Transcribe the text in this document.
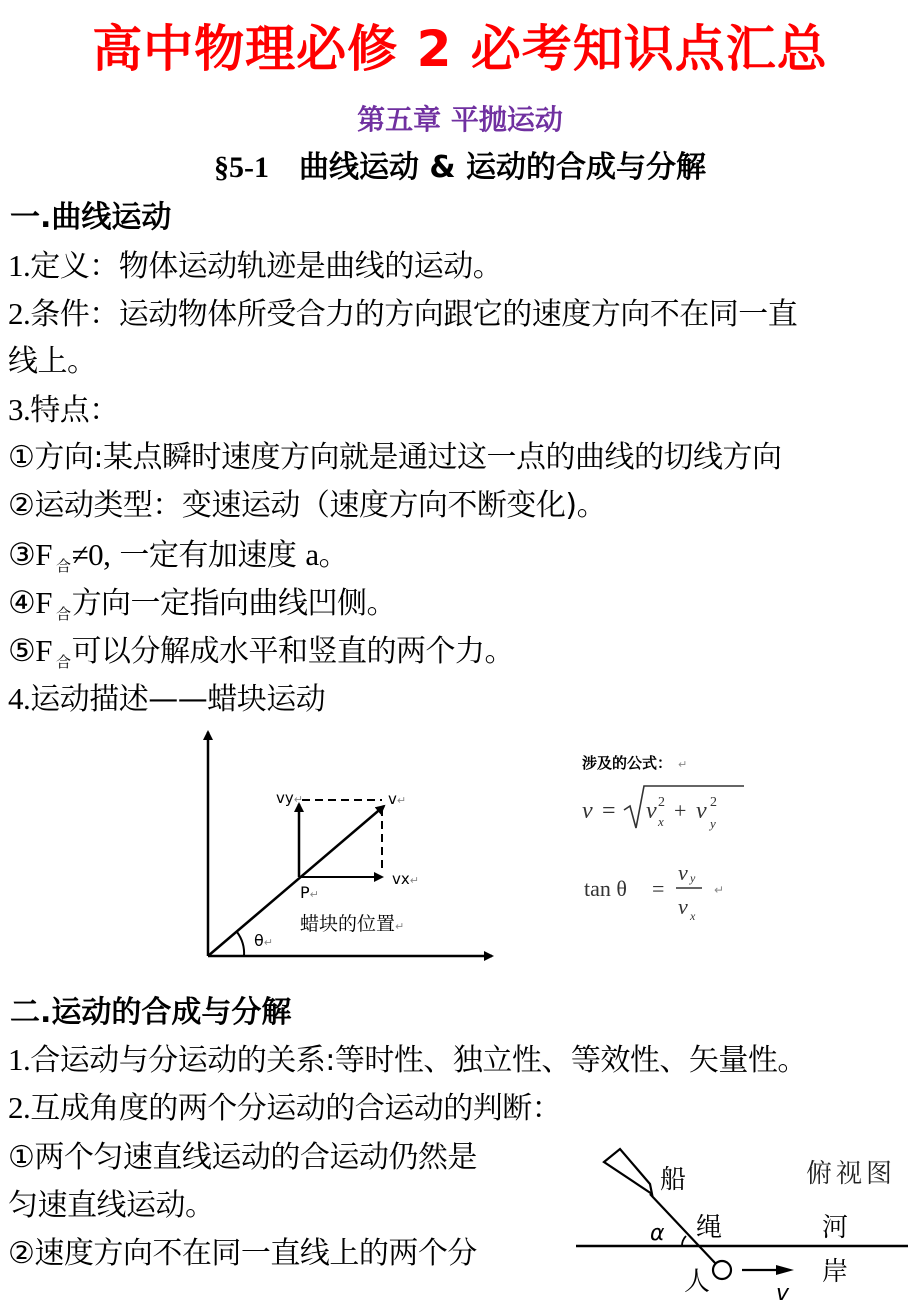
高中物理必修 2 必考知识点汇总
第五章 平抛运动
§5-1 曲线运动 & 运动的合成与分解
一.曲线运动
1.定义：物体运动轨迹是曲线的运动。
2.条件：运动物体所受合力的方向跟它的速度方向不在同一直
线上。
3.特点：
①方向:某点瞬时速度方向就是通过这一点的曲线的切线方向
②运动类型：变速运动（速度方向不断变化)。
③F $_合$≠0, 一定有加速度 a。
④F $_合$方向一定指向曲线凹侧。
⑤F $_合$可以分解成水平和竖直的两个力。
4.运动描述——蜡块运动
vy↵	v↵
vx↵
P↵
蜡块的位置↵
θ↵
涉及的公式： ↵
v = v 2
x + v 2
y
tan θ =
v y
v x
↵
二.运动的合成与分解
1.合运动与分运动的关系:等时性、独立性、等效性、矢量性。
2.互成角度的两个分运动的合运动的判断：
①两个匀速直线运动的合运动仍然是
匀速直线运动。
②速度方向不在同一直线上的两个分
船	俯视图
绳
α	河
岸
人	v
